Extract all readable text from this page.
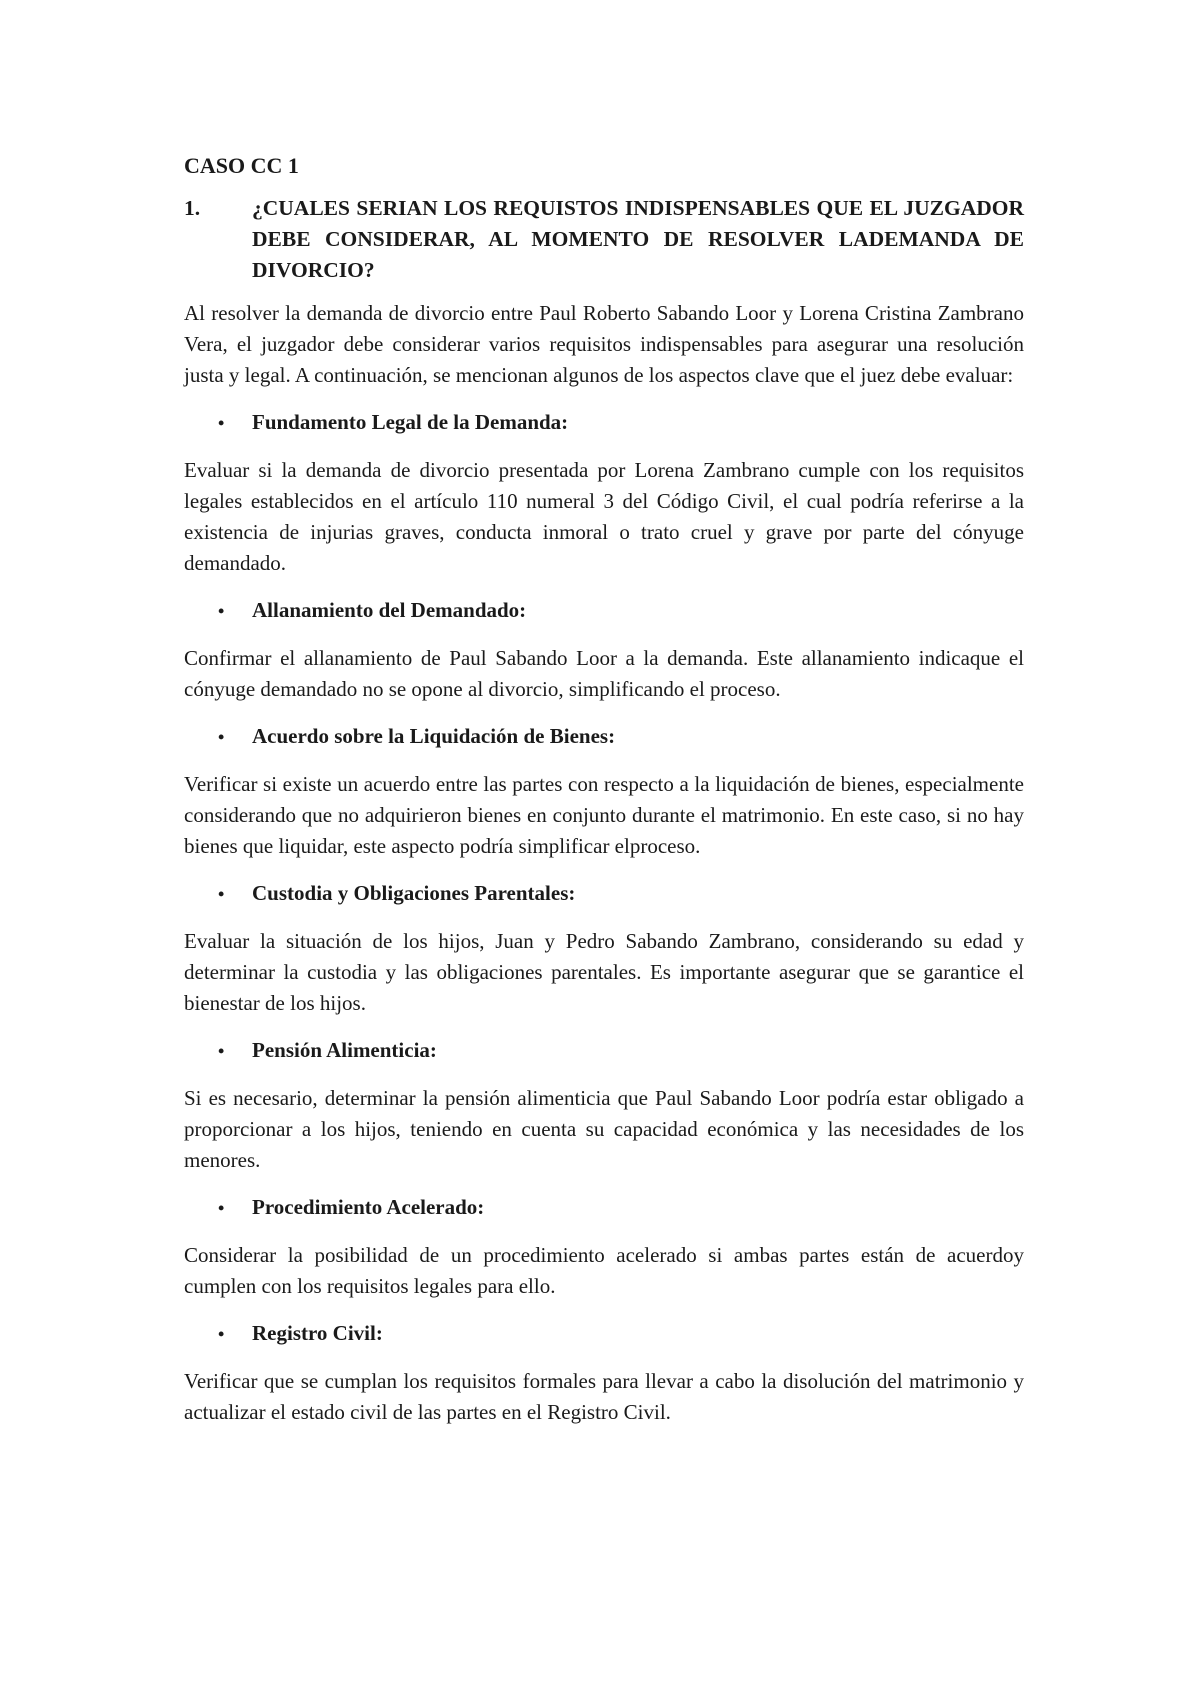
CASO CC 1
1.	¿CUALES SERIAN LOS REQUISTOS INDISPENSABLES QUE EL JUZGADOR DEBE CONSIDERAR, AL MOMENTO DE RESOLVER LADEMANDA DE DIVORCIO?

Al resolver la demanda de divorcio entre Paul Roberto Sabando Loor y Lorena Cristina Zambrano Vera, el juzgador debe considerar varios requisitos indispensables para asegurar una resolución justa y legal. A continuación, se mencionan algunos de los aspectos clave que el juez debe evaluar:

•	Fundamento Legal de la Demanda:

Evaluar si la demanda de divorcio presentada por Lorena Zambrano cumple con los requisitos legales establecidos en el artículo 110 numeral 3 del Código Civil, el cual podría referirse a la existencia de injurias graves, conducta inmoral o trato cruel y grave por parte del cónyuge demandado.

•	Allanamiento del Demandado:

Confirmar el allanamiento de Paul Sabando Loor a la demanda. Este allanamiento indicaque el cónyuge demandado no se opone al divorcio, simplificando el proceso.

•	Acuerdo sobre la Liquidación de Bienes:

Verificar si existe un acuerdo entre las partes con respecto a la liquidación de bienes, especialmente considerando que no adquirieron bienes en conjunto durante el matrimonio. En este caso, si no hay bienes que liquidar, este aspecto podría simplificar elproceso.

•	Custodia y Obligaciones Parentales:

Evaluar la situación de los hijos, Juan y Pedro Sabando Zambrano, considerando su edad y determinar la custodia y las obligaciones parentales. Es importante asegurar que se garantice el bienestar de los hijos.

•	Pensión Alimenticia:

Si es necesario, determinar la pensión alimenticia que Paul Sabando Loor podría estar obligado a proporcionar a los hijos, teniendo en cuenta su capacidad económica y las necesidades de los menores.

•	Procedimiento Acelerado:

Considerar la posibilidad de un procedimiento acelerado si ambas partes están de acuerdoy cumplen con los requisitos legales para ello.

•	Registro Civil:

Verificar que se cumplan los requisitos formales para llevar a cabo la disolución del matrimonio y actualizar el estado civil de las partes en el Registro Civil.
